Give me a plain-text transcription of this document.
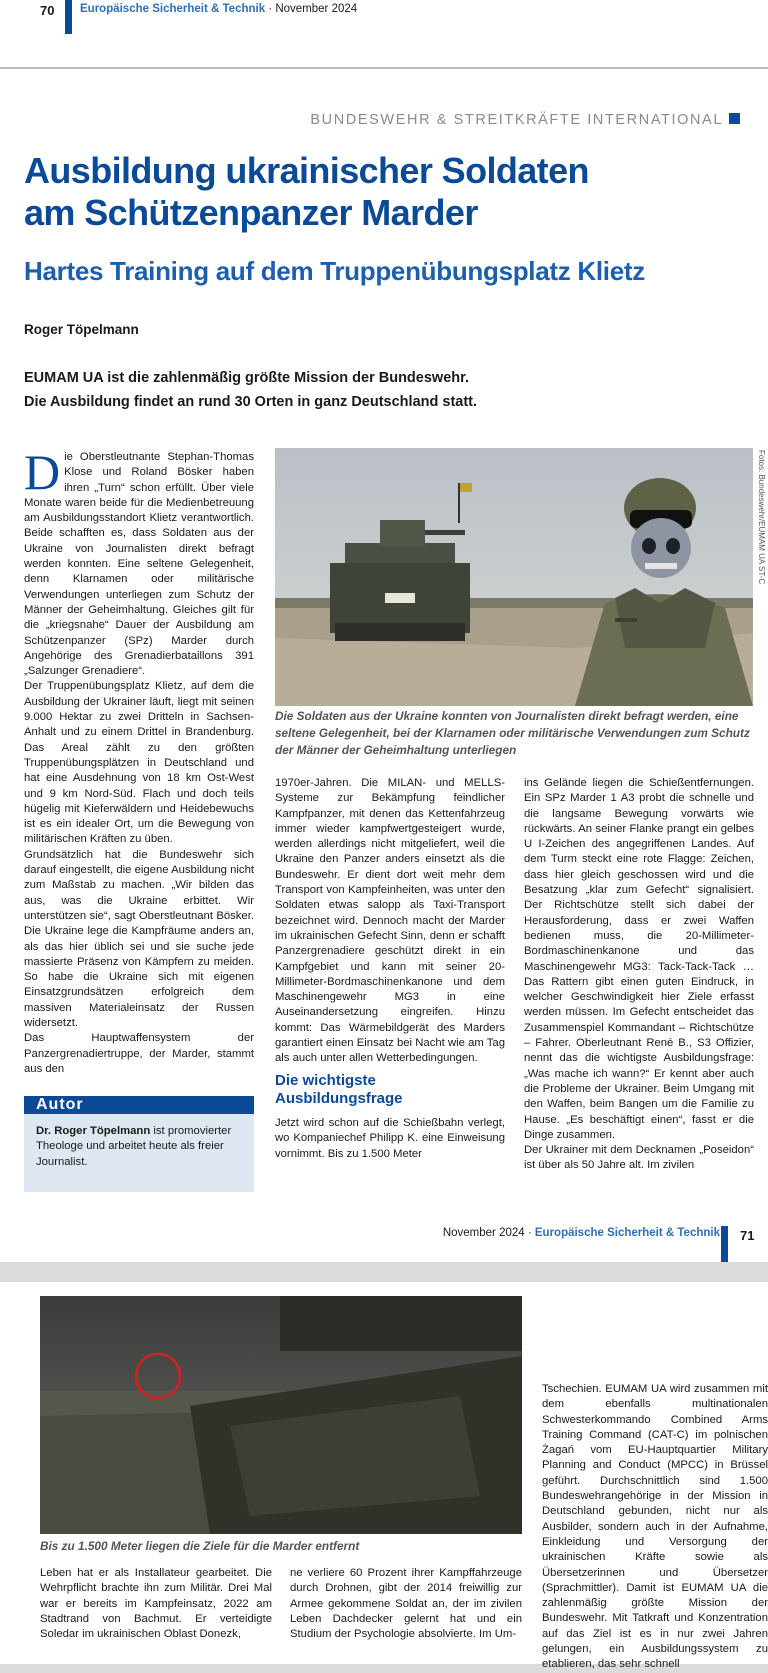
70 Europäische Sicherheit & Technik · November 2024
BUNDESWEHR & STREITKRÄFTE INTERNATIONAL
Ausbildung ukrainischer Soldaten
am Schützenpanzer Marder
Hartes Training auf dem Truppenübungsplatz Klietz
Roger Töpelmann
EUMAM UA ist die zahlenmäßig größte Mission der Bundeswehr.
Die Ausbildung findet an rund 30 Orten in ganz Deutschland statt.

Die Oberstleutnante Stephan-Thomas Klose und Roland Bösker haben ihren „Turn“ schon erfüllt. Über viele Monate waren beide für die Medienbetreuung am Ausbildungsstandort Klietz verantwortlich. Beide schafften es, dass Soldaten aus der Ukraine von Journalisten direkt befragt werden konnten. Eine seltene Gelegenheit, denn Klarnamen oder militärische Verwendungen unterliegen zum Schutz der Männer der Geheimhaltung. Gleiches gilt für die „kriegsnahe“ Dauer der Ausbildung am Schützenpanzer (SPz) Marder durch Angehörige des Grenadierbataillons 391 „Salzunger Grenadiere“.

Der Truppenübungsplatz Klietz, auf dem die Ausbildung der Ukrainer läuft, liegt mit seinen 9.000 Hektar zu zwei Dritteln in Sachsen-Anhalt und zu einem Drittel in Brandenburg. Das Areal zählt zu den größten Truppenübungsplätzen in Deutschland und hat eine Ausdehnung von 18 km Ost-West und 9 km Nord-Süd. Flach und doch teils hügelig mit Kieferwäldern und Heidebewuchs ist es ein idealer Ort, um die Bewegung von militärischen Kräften zu üben.

Grundsätzlich hat die Bundeswehr sich darauf eingestellt, die eigene Ausbildung nicht zum Maßstab zu machen. „Wir bilden das aus, was die Ukraine erbittet. Wir unterstützen sie“, sagt Oberstleutnant Bösker. Die Ukraine lege die Kampfräume anders an, als das hier üblich sei und sie suche jede massierte Präsenz von Kämpfern zu meiden. So habe die Ukraine sich mit eigenen Einsatzgrundsätzen erfolgreich dem massiven Materialeinsatz der Russen widersetzt.

Das Hauptwaffensystem der Panzergrenadiertruppe, der Marder, stammt aus den

Fotos: Bundeswehr/EUMAM UA ST-C
Die Soldaten aus der Ukraine konnten von Journalisten direkt befragt werden, eine seltene Gelegenheit, bei der Klarnamen oder militärische Verwendungen zum Schutz der Männer der Geheimhaltung unterliegen

1970er-Jahren. Die MILAN- und MELLS-Systeme zur Bekämpfung feindlicher Kampfpanzer, mit denen das Kettenfahrzeug immer wieder kampfwertgesteigert wurde, werden allerdings nicht mitgeliefert, weil die Ukraine den Panzer anders einsetzt als die Bundeswehr. Er dient dort weit mehr dem Transport von Kampfeinheiten, was unter den Soldaten etwas salopp als Taxi-Transport bezeichnet wird. Dennoch macht der Marder im ukrainischen Gefecht Sinn, denn er schafft Panzergrenadiere geschützt direkt in ein Kampfgebiet und kann mit seiner 20-Millimeter-Bordmaschinenkanone und dem Maschinengewehr MG3 in eine Auseinandersetzung eingreifen. Hinzu kommt: Das Wärmebildgerät des Marders garantiert einen Einsatz bei Nacht wie am Tag als auch unter allen Wetterbedingungen.

Die wichtigste Ausbildungsfrage

Jetzt wird schon auf die Schießbahn verlegt, wo Kompaniechef Philipp K. eine Einweisung vornimmt. Bis zu 1.500 Meter

ins Gelände liegen die Schießentfernungen. Ein SPz Marder 1 A3 probt die schnelle und die langsame Bewegung vorwärts wie rückwärts. An seiner Flanke prangt ein gelbes U I-Zeichen des angegriffenen Landes. Auf dem Turm steckt eine rote Flagge: Zeichen, dass hier gleich geschossen wird und die Besatzung „klar zum Gefecht“ signalisiert. Der Richtschütze stellt sich dabei der Herausforderung, dass er zwei Waffen bedienen muss, die 20-Millimeter-Bordmaschinenkanone und das Maschinengewehr MG3: Tack-Tack-Tack … Das Rattern gibt einen guten Eindruck, in welcher Geschwindigkeit hier Ziele erfasst werden müssen. Im Gefecht entscheidet das Zusammenspiel Kommandant – Richtschütze – Fahrer. Oberleutnant René B., S3 Offizier, nennt das die wichtigste Ausbildungsfrage: „Was mache ich wann?“ Er kennt aber auch die Probleme der Ukrainer. Beim Umgang mit den Waffen, beim Bangen um die Familie zu Hause. „Es beschäftigt einen“, fasst er die Dinge zusammen.

Der Ukrainer mit dem Decknamen „Poseidon“ ist über als 50 Jahre alt. Im zivilen

Autor
Dr. Roger Töpelmann ist promovierter Theologe und arbeitet heute als freier Journalist.
November 2024 · Europäische Sicherheit & Technik 71
Bis zu 1.500 Meter liegen die Ziele für die Marder entfernt
Leben hat er als Installateur gearbeitet. Die Wehrpflicht brachte ihn zum Militär. Drei Mal war er bereits im Kampfeinsatz, 2022 am Stadtrand von Bachmut. Er verteidigte Soledar im ukrainischen Oblast Donezk,
ne verliere 60 Prozent ihrer Kampffahrzeuge durch Drohnen, gibt der 2014 freiwillig zur Armee gekommene Soldat an, der im zivilen Leben Dachdecker gelernt hat und ein Studium der Psychologie absolvierte. Im Um-
Tschechien. EUMAM UA wird zusammen mit dem ebenfalls multinationalen Schwesterkommando Combined Arms Training Command (CAT-C) im polnischen Żagań vom EU-Hauptquartier Military Planning and Conduct (MPCC) in Brüssel geführt. Durchschnittlich sind 1.500 Bundeswehrangehörige in der Mission in Deutschland gebunden, nicht nur als Ausbilder, sondern auch in der Aufnahme, Einkleidung und Versorgung der ukrainischen Kräfte sowie als Übersetzerinnen und Übersetzer (Sprachmittler). Damit ist EUMAM UA die zahlenmäßig größte Mission der Bundeswehr. Mit Tatkraft und Konzentration auf das Ziel ist es in nur zwei Jahren gelungen, ein Ausbildungssystem zu etablieren, das sehr schnell
